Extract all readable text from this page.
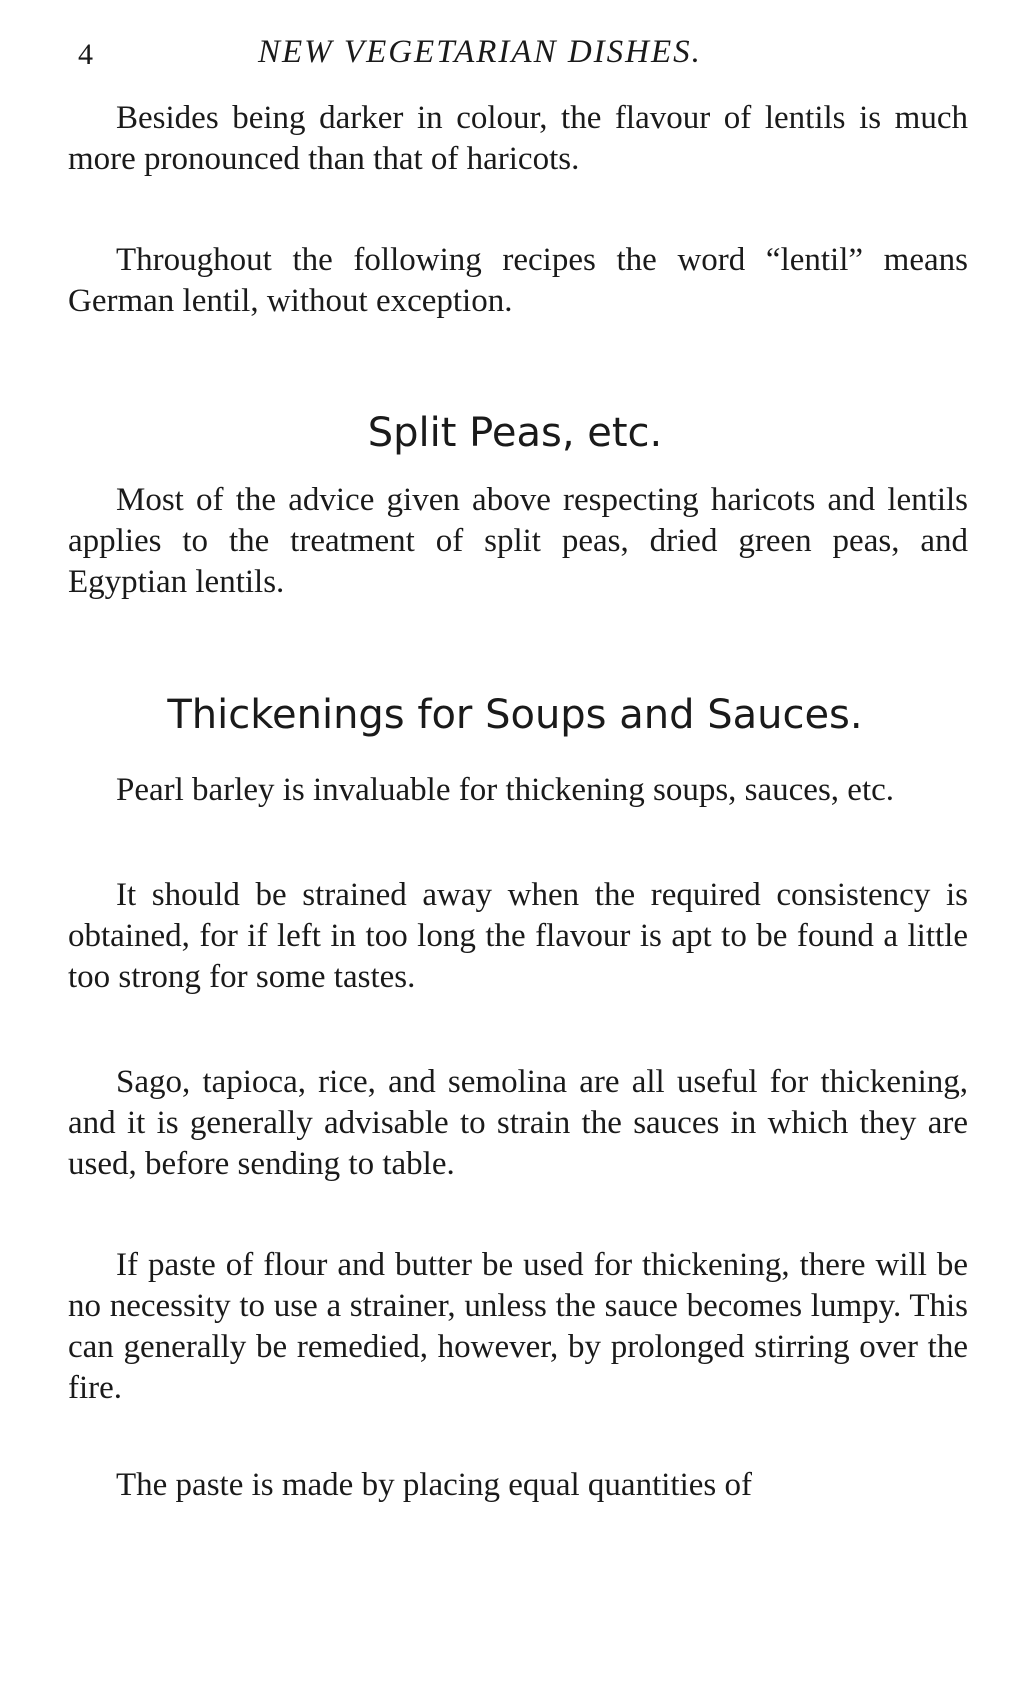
4	NEW VEGETARIAN DISHES.

Besides being darker in colour, the flavour of lentils is much more pronounced than that of haricots.

Throughout the following recipes the word “lentil” means German lentil, without exception.

Split Peas, etc.

Most of the advice given above respecting haricots and lentils applies to the treatment of split peas, dried green peas, and Egyptian lentils.

Thickenings for Soups and Sauces.

Pearl barley is invaluable for thickening soups, sauces, etc.

It should be strained away when the required consistency is obtained, for if left in too long the flavour is apt to be found a little too strong for some tastes.

Sago, tapioca, rice, and semolina are all useful for thickening, and it is generally advisable to strain the sauces in which they are used, before sending to table.

If paste of flour and butter be used for thickening, there will be no necessity to use a strainer, unless the sauce becomes lumpy. This can generally be remedied, however, by prolonged stirring over the fire.

The paste is made by placing equal quantities of
